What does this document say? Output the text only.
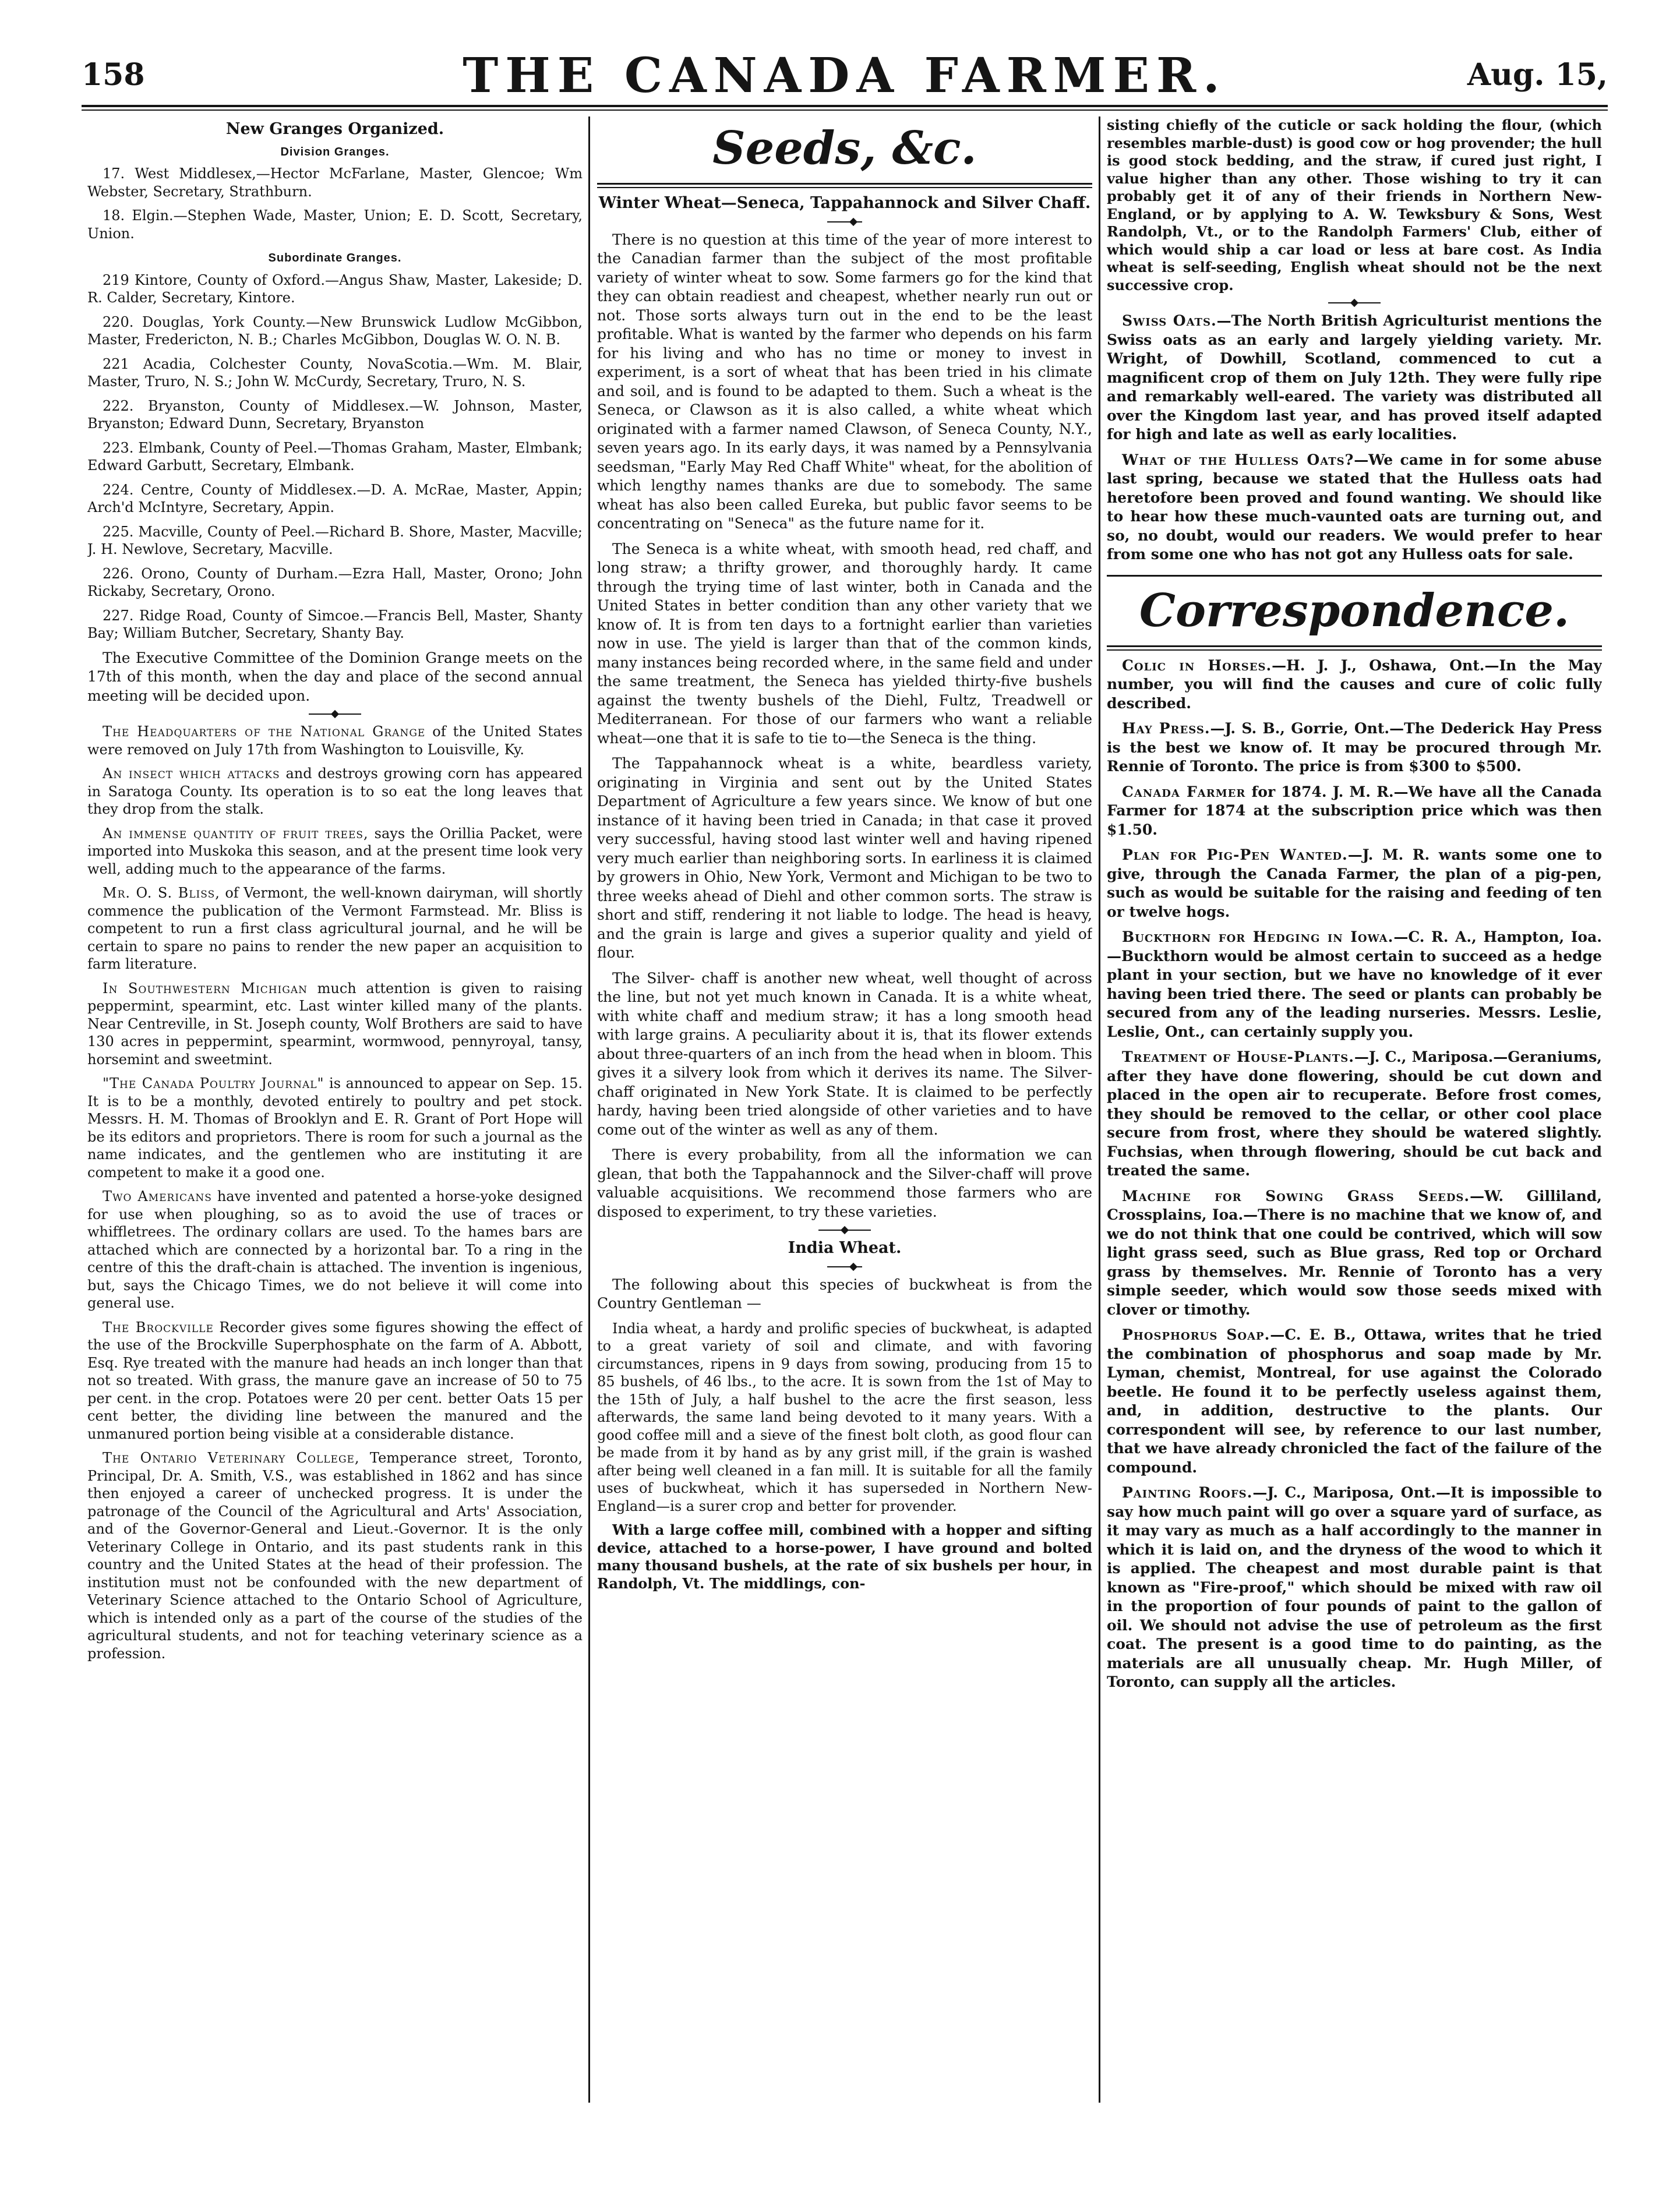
158	THE CANADA FARMER.	Aug. 15,
New Granges Organized.
Division Granges.

17. West Middlesex,—Hector McFarlane, Master, Glencoe; Wm Webster, Secretary, Strathburn.

18. Elgin.—Stephen Wade, Master, Union; E. D. Scott, Secretary, Union.

Subordinate Granges.

219 Kintore, County of Oxford.—Angus Shaw, Master, Lakeside; D. R. Calder, Secretary, Kintore.

220. Douglas, York County.—New Brunswick Ludlow McGibbon, Master, Fredericton, N. B.; Charles McGibbon, Douglas W. O. N. B.

221 Acadia, Colchester County, NovaScotia.—Wm. M. Blair, Master, Truro, N. S.; John W. McCurdy, Secretary, Truro, N. S.

222. Bryanston, County of Middlesex.—W. Johnson, Master, Bryanston; Edward Dunn, Secretary, Bryanston

223. Elmbank, County of Peel.—Thomas Graham, Master, Elmbank; Edward Garbutt, Secretary, Elmbank.

224. Centre, County of Middlesex.—D. A. McRae, Master, Appin; Arch'd McIntyre, Secretary, Appin.

225. Macville, County of Peel.—Richard B. Shore, Master, Macville; J. H. Newlove, Secretary, Macville.

226. Orono, County of Durham.—Ezra Hall, Master, Orono; John Rickaby, Secretary, Orono.

227. Ridge Road, County of Simcoe.—Francis Bell, Master, Shanty Bay; William Butcher, Secretary, Shanty Bay.

The Executive Committee of the Dominion Grange meets on the 17th of this month, when the day and place of the second annual meeting will be decided upon.

The Headquarters of the National Grange of the United States were removed on July 17th from Washington to Louisville, Ky.

An insect which attacks and destroys growing corn has appeared in Saratoga County. Its operation is to so eat the long leaves that they drop from the stalk.

An immense quantity of fruit trees, says the Orillia Packet, were imported into Muskoka this season, and at the present time look very well, adding much to the appearance of the farms.

Mr. O. S. Bliss, of Vermont, the well-known dairyman, will shortly commence the publication of the Vermont Farmstead. Mr. Bliss is competent to run a first class agricultural journal, and he will be certain to spare no pains to render the new paper an acquisition to farm literature.

In Southwestern Michigan much attention is given to raising peppermint, spearmint, etc. Last winter killed many of the plants. Near Centreville, in St. Joseph county, Wolf Brothers are said to have 130 acres in peppermint, spearmint, wormwood, pennyroyal, tansy, horsemint and sweetmint.

"The Canada Poultry Journal" is announced to appear on Sep. 15. It is to be a monthly, devoted entirely to poultry and pet stock. Messrs. H. M. Thomas of Brooklyn and E. R. Grant of Port Hope will be its editors and proprietors. There is room for such a journal as the name indicates, and the gentlemen who are instituting it are competent to make it a good one.

Two Americans have invented and patented a horse-yoke designed for use when ploughing, so as to avoid the use of traces or whiffletrees. The ordinary collars are used. To the hames bars are attached which are connected by a horizontal bar. To a ring in the centre of this the draft-chain is attached. The invention is ingenious, but, says the Chicago Times, we do not believe it will come into general use.

The Brockville Recorder gives some figures showing the effect of the use of the Brockville Superphosphate on the farm of A. Abbott, Esq. Rye treated with the manure had heads an inch longer than that not so treated. With grass, the manure gave an increase of 50 to 75 per cent. in the crop. Potatoes were 20 per cent. better Oats 15 per cent better, the dividing line between the manured and the unmanured portion being visible at a considerable distance.

The Ontario Veterinary College, Temperance street, Toronto, Principal, Dr. A. Smith, V.S., was established in 1862 and has since then enjoyed a career of unchecked progress. It is under the patronage of the Council of the Agricultural and Arts' Association, and of the Governor-General and Lieut.-Governor. It is the only Veterinary College in Ontario, and its past students rank in this country and the United States at the head of their profession. The institution must not be confounded with the new department of Veterinary Science attached to the Ontario School of Agriculture, which is intended only as a part of the course of the studies of the agricultural students, and not for teaching veterinary science as a profession.

Seeds, &c.
Winter Wheat—Seneca, Tappahannock and Silver Chaff.

There is no question at this time of the year of more interest to the Canadian farmer than the subject of the most profitable variety of winter wheat to sow. Some farmers go for the kind that they can obtain readiest and cheapest, whether nearly run out or not. Those sorts always turn out in the end to be the least profitable. What is wanted by the farmer who depends on his farm for his living and who has no time or money to invest in experiment, is a sort of wheat that has been tried in his climate and soil, and is found to be adapted to them. Such a wheat is the Seneca, or Clawson as it is also called, a white wheat which originated with a farmer named Clawson, of Seneca County, N.Y., seven years ago. In its early days, it was named by a Pennsylvania seedsman, "Early May Red Chaff White" wheat, for the abolition of which lengthy names thanks are due to somebody. The same wheat has also been called Eureka, but public favor seems to be concentrating on "Seneca" as the future name for it.

The Seneca is a white wheat, with smooth head, red chaff, and long straw; a thrifty grower, and thoroughly hardy. It came through the trying time of last winter, both in Canada and the United States in better condition than any other variety that we know of. It is from ten days to a fortnight earlier than varieties now in use. The yield is larger than that of the common kinds, many instances being recorded where, in the same field and under the same treatment, the Seneca has yielded thirty-five bushels against the twenty bushels of the Diehl, Fultz, Treadwell or Mediterranean. For those of our farmers who want a reliable wheat—one that it is safe to tie to—the Seneca is the thing.

The Tappahannock wheat is a white, beardless variety, originating in Virginia and sent out by the United States Department of Agriculture a few years since. We know of but one instance of it having been tried in Canada; in that case it proved very successful, having stood last winter well and having ripened very much earlier than neighboring sorts. In earliness it is claimed by growers in Ohio, New York, Vermont and Michigan to be two to three weeks ahead of Diehl and other common sorts. The straw is short and stiff, rendering it not liable to lodge. The head is heavy, and the grain is large and gives a superior quality and yield of flour.

The Silver- chaff is another new wheat, well thought of across the line, but not yet much known in Canada. It is a white wheat, with white chaff and medium straw; it has a long smooth head with large grains. A peculiarity about it is, that its flower extends about three-quarters of an inch from the head when in bloom. This gives it a silvery look from which it derives its name. The Silver-chaff originated in New York State. It is claimed to be perfectly hardy, having been tried alongside of other varieties and to have come out of the winter as well as any of them.

There is every probability, from all the information we can glean, that both the Tappahannock and the Silver-chaff will prove valuable acquisitions. We recommend those farmers who are disposed to experiment, to try these varieties.

India Wheat.

The following about this species of buckwheat is from the Country Gentleman —

India wheat, a hardy and prolific species of buckwheat, is adapted to a great variety of soil and climate, and with favoring circumstances, ripens in 9 days from sowing, producing from 15 to 85 bushels, of 46 lbs., to the acre. It is sown from the 1st of May to the 15th of July, a half bushel to the acre the first season, less afterwards, the same land being devoted to it many years. With a good coffee mill and a sieve of the finest bolt cloth, as good flour can be made from it by hand as by any grist mill, if the grain is washed after being well cleaned in a fan mill. It is suitable for all the family uses of buckwheat, which it has superseded in Northern New-England—is a surer crop and better for provender.

With a large coffee mill, combined with a hopper and sifting device, attached to a horse-power, I have ground and bolted many thousand bushels, at the rate of six bushels per hour, in Randolph, Vt. The middlings, con-

sisting chiefly of the cuticle or sack holding the flour, (which resembles marble-dust) is good cow or hog provender; the hull is good stock bedding, and the straw, if cured just right, I value higher than any other. Those wishing to try it can probably get it of any of their friends in Northern New-England, or by applying to A. W. Tewksbury & Sons, West Randolph, Vt., or to the Randolph Farmers' Club, either of which would ship a car load or less at bare cost. As India wheat is self-seeding, English wheat should not be the next successive crop.

Swiss Oats.—The North British Agriculturist mentions the Swiss oats as an early and largely yielding variety. Mr. Wright, of Dowhill, Scotland, commenced to cut a magnificent crop of them on July 12th. They were fully ripe and remarkably well-eared. The variety was distributed all over the Kingdom last year, and has proved itself adapted for high and late as well as early localities.

What of the Hulless Oats?—We came in for some abuse last spring, because we stated that the Hulless oats had heretofore been proved and found wanting. We should like to hear how these much-vaunted oats are turning out, and so, no doubt, would our readers. We would prefer to hear from some one who has not got any Hulless oats for sale.

Correspondence.

Colic in Horses.—H. J. J., Oshawa, Ont.—In the May number, you will find the causes and cure of colic fully described.

Hay Press.—J. S. B., Gorrie, Ont.—The Dederick Hay Press is the best we know of. It may be procured through Mr. Rennie of Toronto. The price is from $300 to $500.

Canada Farmer for 1874. J. M. R.—We have all the Canada Farmer for 1874 at the subscription price which was then $1.50.

Plan for Pig-Pen Wanted.—J. M. R. wants some one to give, through the Canada Farmer, the plan of a pig-pen, such as would be suitable for the raising and feeding of ten or twelve hogs.

Buckthorn for Hedging in Iowa.—C. R. A., Hampton, Ioa.—Buckthorn would be almost certain to succeed as a hedge plant in your section, but we have no knowledge of it ever having been tried there. The seed or plants can probably be secured from any of the leading nurseries. Messrs. Leslie, Leslie, Ont., can certainly supply you.

Treatment of House-Plants.—J. C., Mariposa.—Geraniums, after they have done flowering, should be cut down and placed in the open air to recuperate. Before frost comes, they should be removed to the cellar, or other cool place secure from frost, where they should be watered slightly. Fuchsias, when through flowering, should be cut back and treated the same.

Machine for Sowing Grass Seeds.—W. Gilliland, Crossplains, Ioa.—There is no machine that we know of, and we do not think that one could be contrived, which will sow light grass seed, such as Blue grass, Red top or Orchard grass by themselves. Mr. Rennie of Toronto has a very simple seeder, which would sow those seeds mixed with clover or timothy.

Phosphorus Soap.—C. E. B., Ottawa, writes that he tried the combination of phosphorus and soap made by Mr. Lyman, chemist, Montreal, for use against the Colorado beetle. He found it to be perfectly useless against them, and, in addition, destructive to the plants. Our correspondent will see, by reference to our last number, that we have already chronicled the fact of the failure of the compound.

Painting Roofs.—J. C., Mariposa, Ont.—It is impossible to say how much paint will go over a square yard of surface, as it may vary as much as a half accordingly to the manner in which it is laid on, and the dryness of the wood to which it is applied. The cheapest and most durable paint is that known as "Fire-proof," which should be mixed with raw oil in the proportion of four pounds of paint to the gallon of oil. We should not advise the use of petroleum as the first coat. The present is a good time to do painting, as the materials are all unusually cheap. Mr. Hugh Miller, of Toronto, can supply all the articles.
